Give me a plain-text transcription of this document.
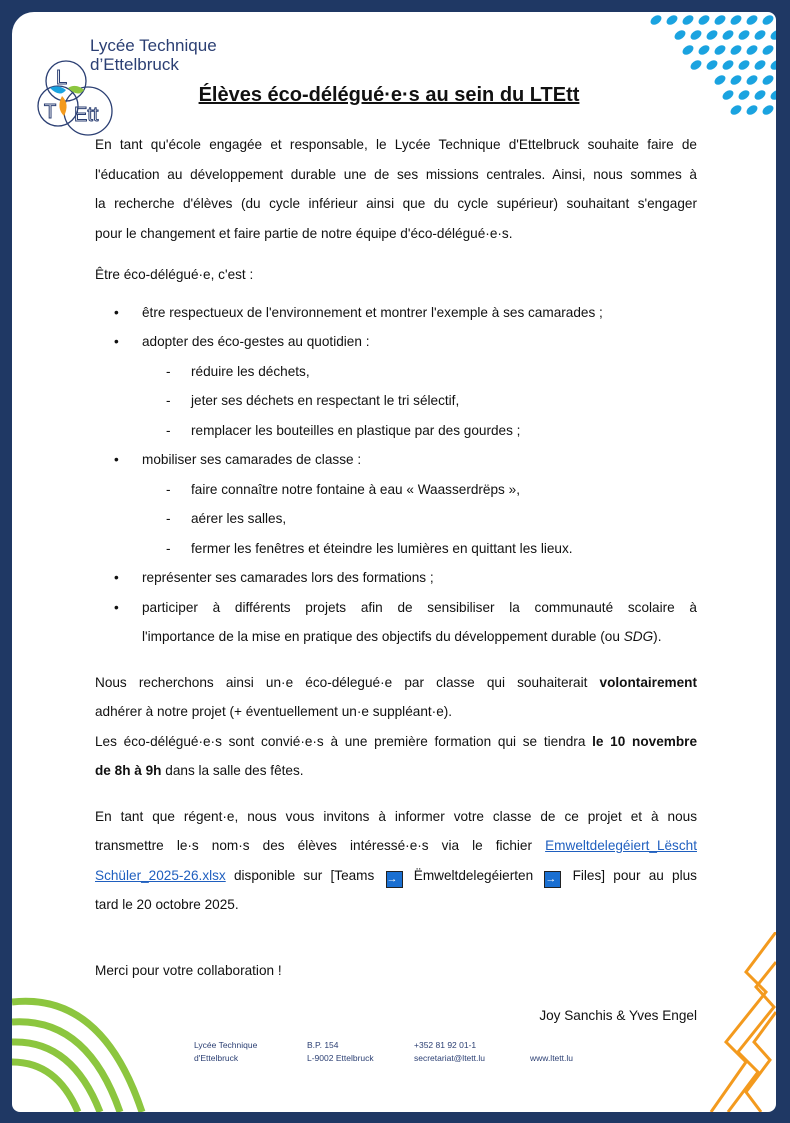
L
T Ett
Lycée Technique
d’Ettelbruck
Élèves éco-délégué·e·s au sein du LTEtt
En tant qu'école engagée et responsable, le Lycée Technique d'Ettelbruck souhaite faire de
l'éducation au développement durable une de ses missions centrales. Ainsi, nous sommes à
la recherche d'élèves (du cycle inférieur ainsi que du cycle supérieur) souhaitant s'engager
pour le changement et faire partie de notre équipe d'éco-délégué·e·s.
Être éco-délégué·e, c'est :
• être respectueux de l'environnement et montrer l'exemple à ses camarades ;
• adopter des éco-gestes au quotidien :
- réduire les déchets,
- jeter ses déchets en respectant le tri sélectif,
- remplacer les bouteilles en plastique par des gourdes ;
• mobiliser ses camarades de classe :
- faire connaître notre fontaine à eau « Waasserdrëps »,
- aérer les salles,
- fermer les fenêtres et éteindre les lumières en quittant les lieux.
• représenter ses camarades lors des formations ;
• participer à différents projets afin de sensibiliser la communauté scolaire à
l'importance de la mise en pratique des objectifs du développement durable (ou SDG).
Nous recherchons ainsi un·e éco-délegué·e par classe qui souhaiterait volontairement
adhérer à notre projet (+ éventuellement un·e suppléant·e).
Les éco-délégué·e·s sont convié·e·s à une première formation qui se tiendra le 10 novembre
de 8h à 9h dans la salle des fêtes.
En tant que régent·e, nous vous invitons à informer votre classe de ce projet et à nous
transmettre le·s nom·s des élèves intéressé·e·s via le fichier Emweltdelegéiert_Lëscht
Schüler_2025-26.xlsx disponible sur [Teams → Ëmweltdelegéierten → Files] pour au plus
tard le 20 octobre 2025.
Merci pour votre collaboration !
Joy Sanchis & Yves Engel
Lycée Technique
d'Ettelbruck
B.P. 154
L-9002 Ettelbruck
+352 81 92 01-1
secretariat@ltett.lu	www.ltett.lu
